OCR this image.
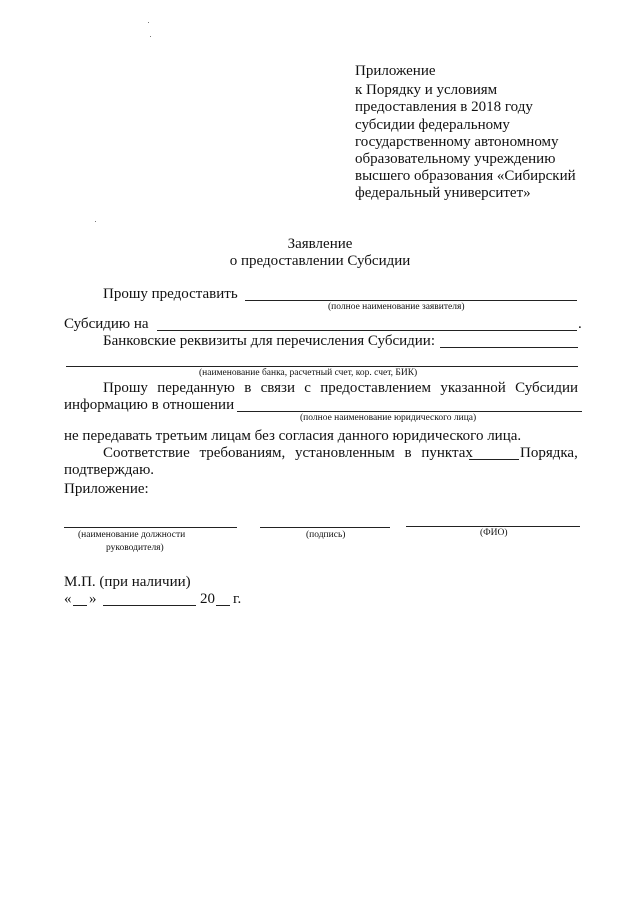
Приложение
к Порядку и условиям
предоставления в 2018 году
субсидии федеральному
государственному автономному
образовательному учреждению
высшего образования «Сибирский
федеральный университет»
Заявление
о предоставлении Субсидии
Прошу предоставить
(полное наименование заявителя)
Субсидию на	.
Банковские реквизиты для перечисления Субсидии:
(наименование банка, расчетный счет, кор. счет, БИК)
Прошу переданную в связи с предоставлением указанной Субсидии
информацию в отношении
(полное наименование юридического лица)
не передавать третьим лицам без согласия данного юридического лица.
Соответствие требованиям, установленным в пунктах	Порядка,
подтверждаю.
Приложение:
(наименование должности
руководителя)
(подпись)	(ФИО)
М.П. (при наличии)
« »	20 г.
